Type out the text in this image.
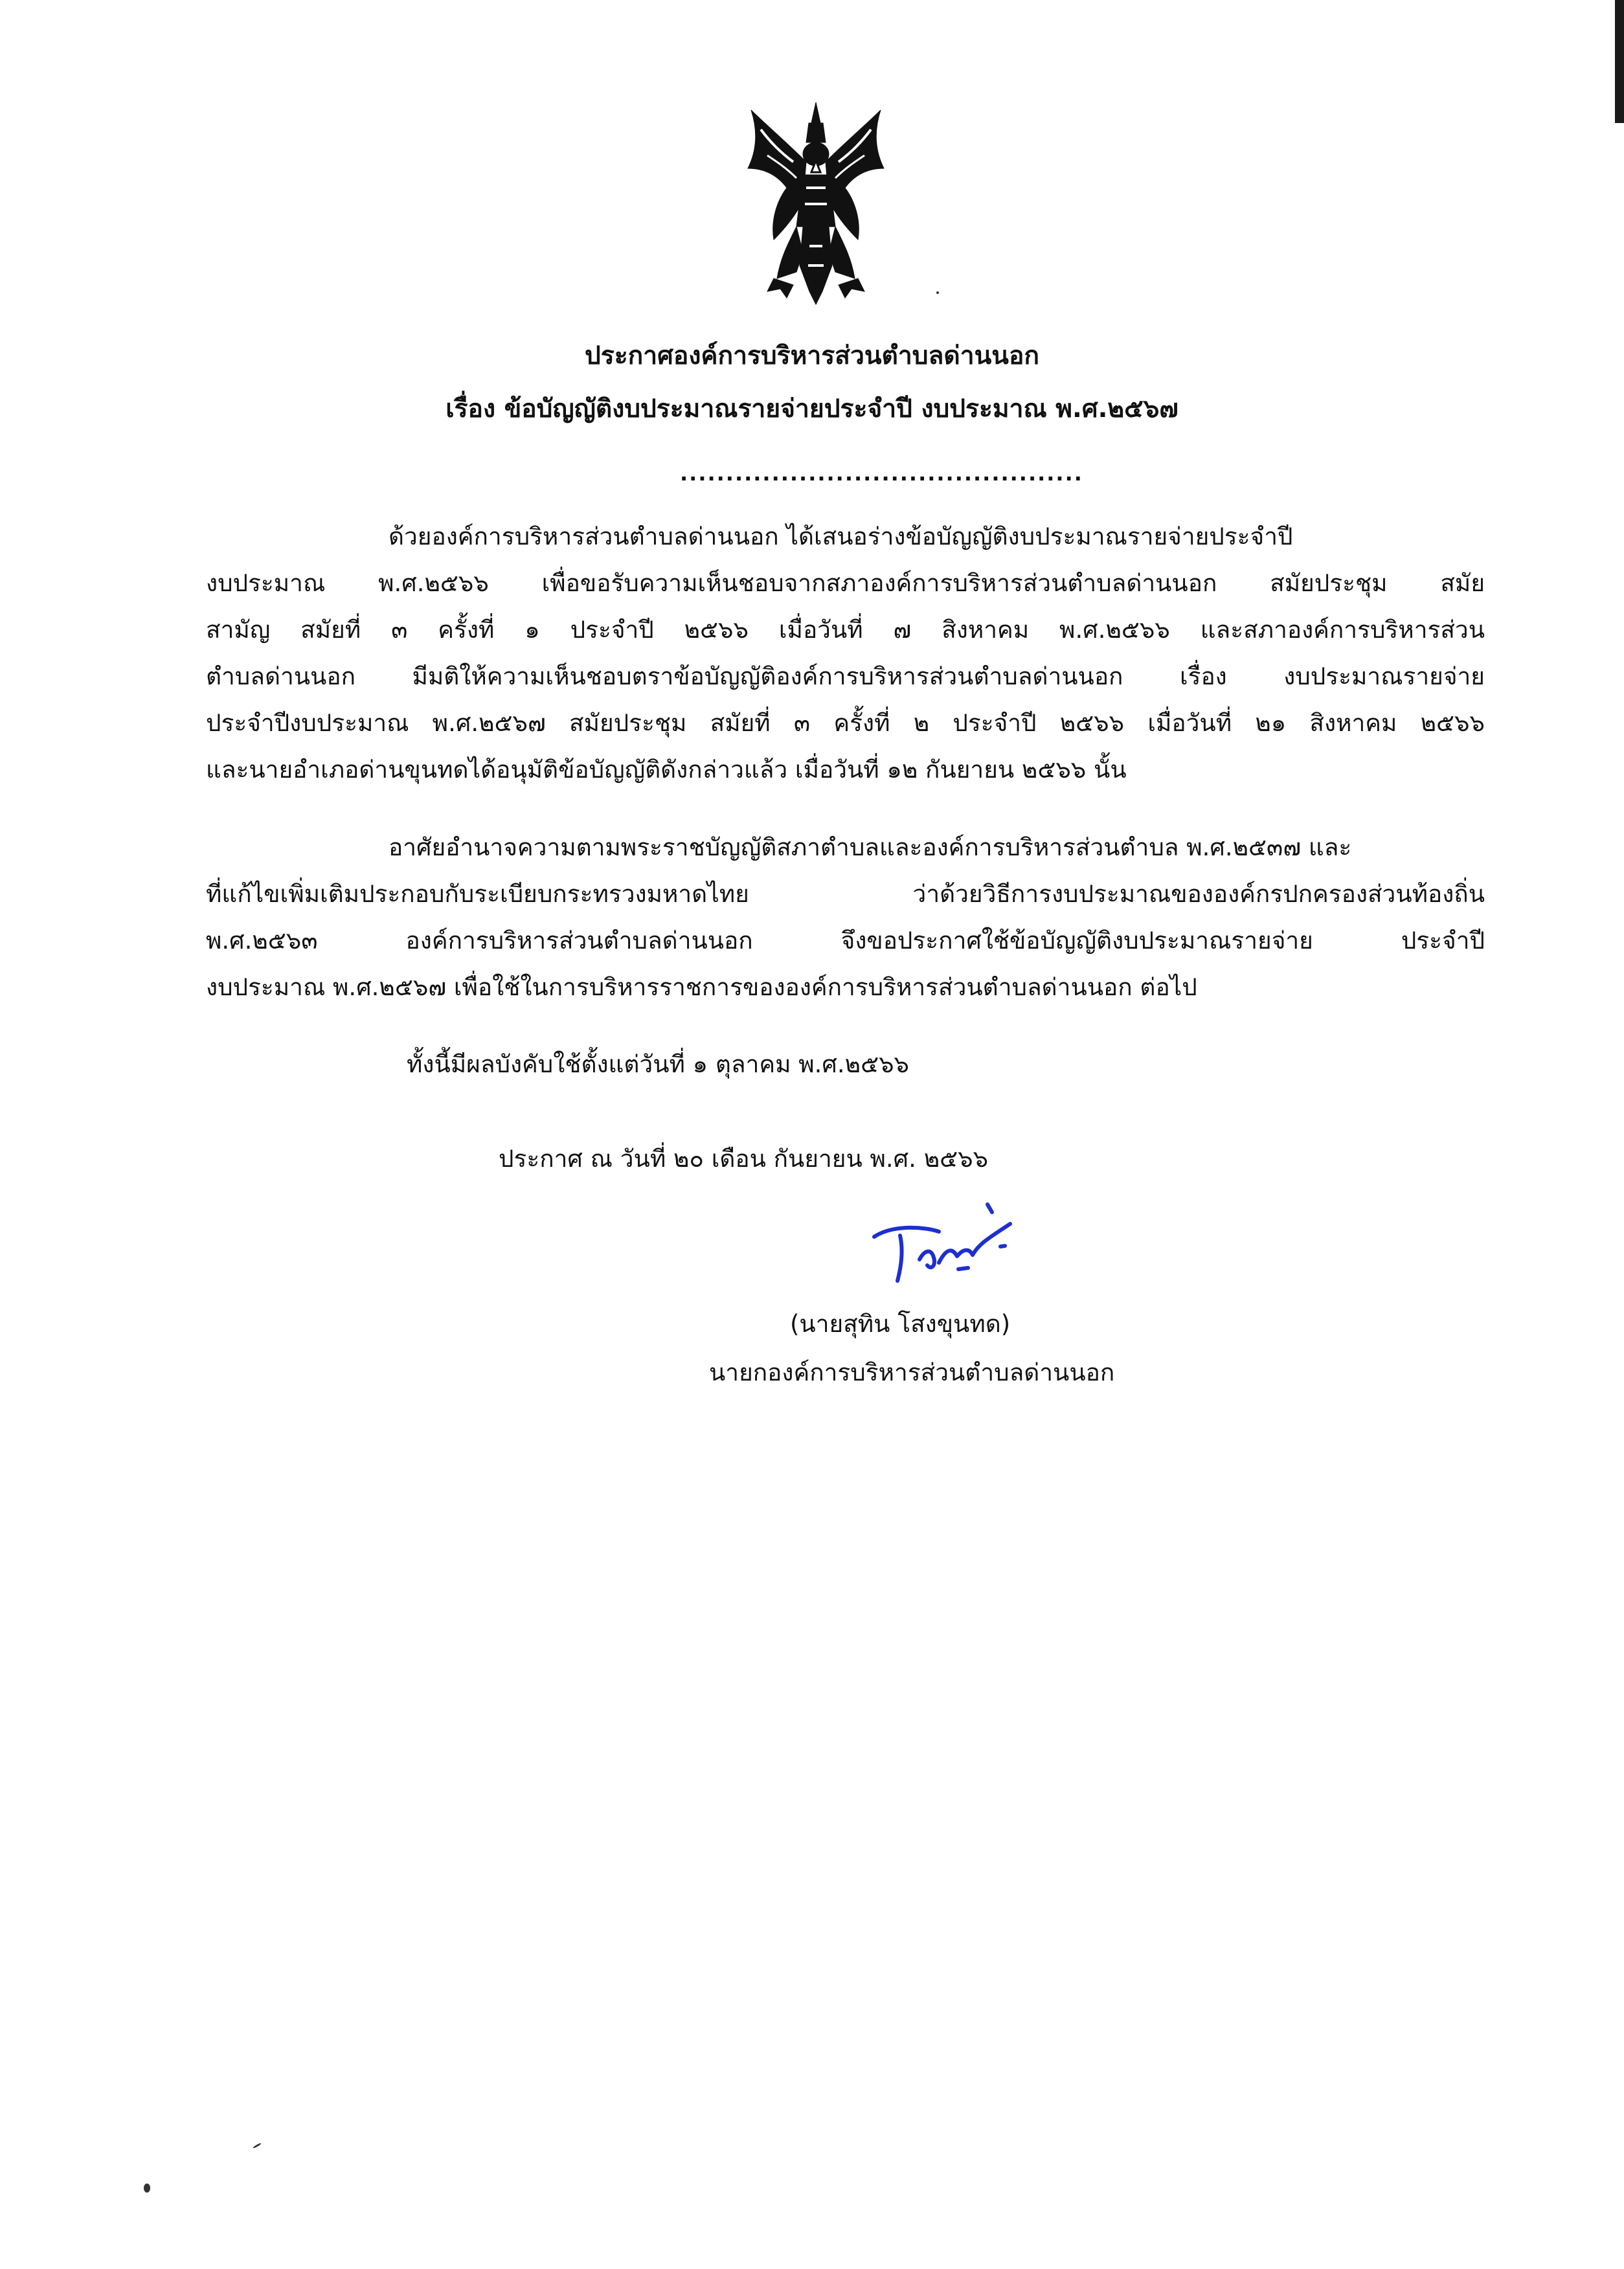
ประกาศองค์การบริหารส่วนตำบลด่านนอก
เรื่อง ข้อบัญญัติงบประมาณรายจ่ายประจำปี งบประมาณ พ.ศ.๒๕๖๗
............................................
ด้วยองค์การบริหารส่วนตำบลด่านนอก ได้เสนอร่างข้อบัญญัติงบประมาณรายจ่ายประจำปี
งบประมาณ พ.ศ.๒๕๖๖ เพื่อขอรับความเห็นชอบจากสภาองค์การบริหารส่วนตำบลด่านนอก สมัยประชุม สมัย
สามัญ สมัยที่ ๓ ครั้งที่ ๑ ประจำปี ๒๕๖๖ เมื่อวันที่ ๗ สิงหาคม พ.ศ.๒๕๖๖ และสภาองค์การบริหารส่วน
ตำบลด่านนอก มีมติให้ความเห็นชอบตราข้อบัญญัติองค์การบริหารส่วนตำบลด่านนอก เรื่อง งบประมาณรายจ่าย
ประจำปีงบประมาณ พ.ศ.๒๕๖๗ สมัยประชุม สมัยที่ ๓ ครั้งที่ ๒ ประจำปี ๒๕๖๖ เมื่อวันที่ ๒๑ สิงหาคม ๒๕๖๖
และนายอำเภอด่านขุนทดได้อนุมัติข้อบัญญัติดังกล่าวแล้ว เมื่อวันที่ ๑๒ กันยายน ๒๕๖๖ นั้น
อาศัยอำนาจความตามพระราชบัญญัติสภาตำบลและองค์การบริหารส่วนตำบล พ.ศ.๒๕๓๗ และ
ที่แก้ไขเพิ่มเติมประกอบกับระเบียบกระทรวงมหาดไทย ว่าด้วยวิธีการงบประมาณขององค์กรปกครองส่วนท้องถิ่น
พ.ศ.๒๕๖๓ องค์การบริหารส่วนตำบลด่านนอก จึงขอประกาศใช้ข้อบัญญัติงบประมาณรายจ่าย ประจำปี
งบประมาณ พ.ศ.๒๕๖๗ เพื่อใช้ในการบริหารราชการขององค์การบริหารส่วนตำบลด่านนอก ต่อไป
ทั้งนี้มีผลบังคับใช้ตั้งแต่วันที่ ๑ ตุลาคม พ.ศ.๒๕๖๖
ประกาศ ณ วันที่ ๒๐ เดือน กันยายน พ.ศ. ๒๕๖๖
(นายสุทิน โสงขุนทด)
นายกองค์การบริหารส่วนตำบลด่านนอก
